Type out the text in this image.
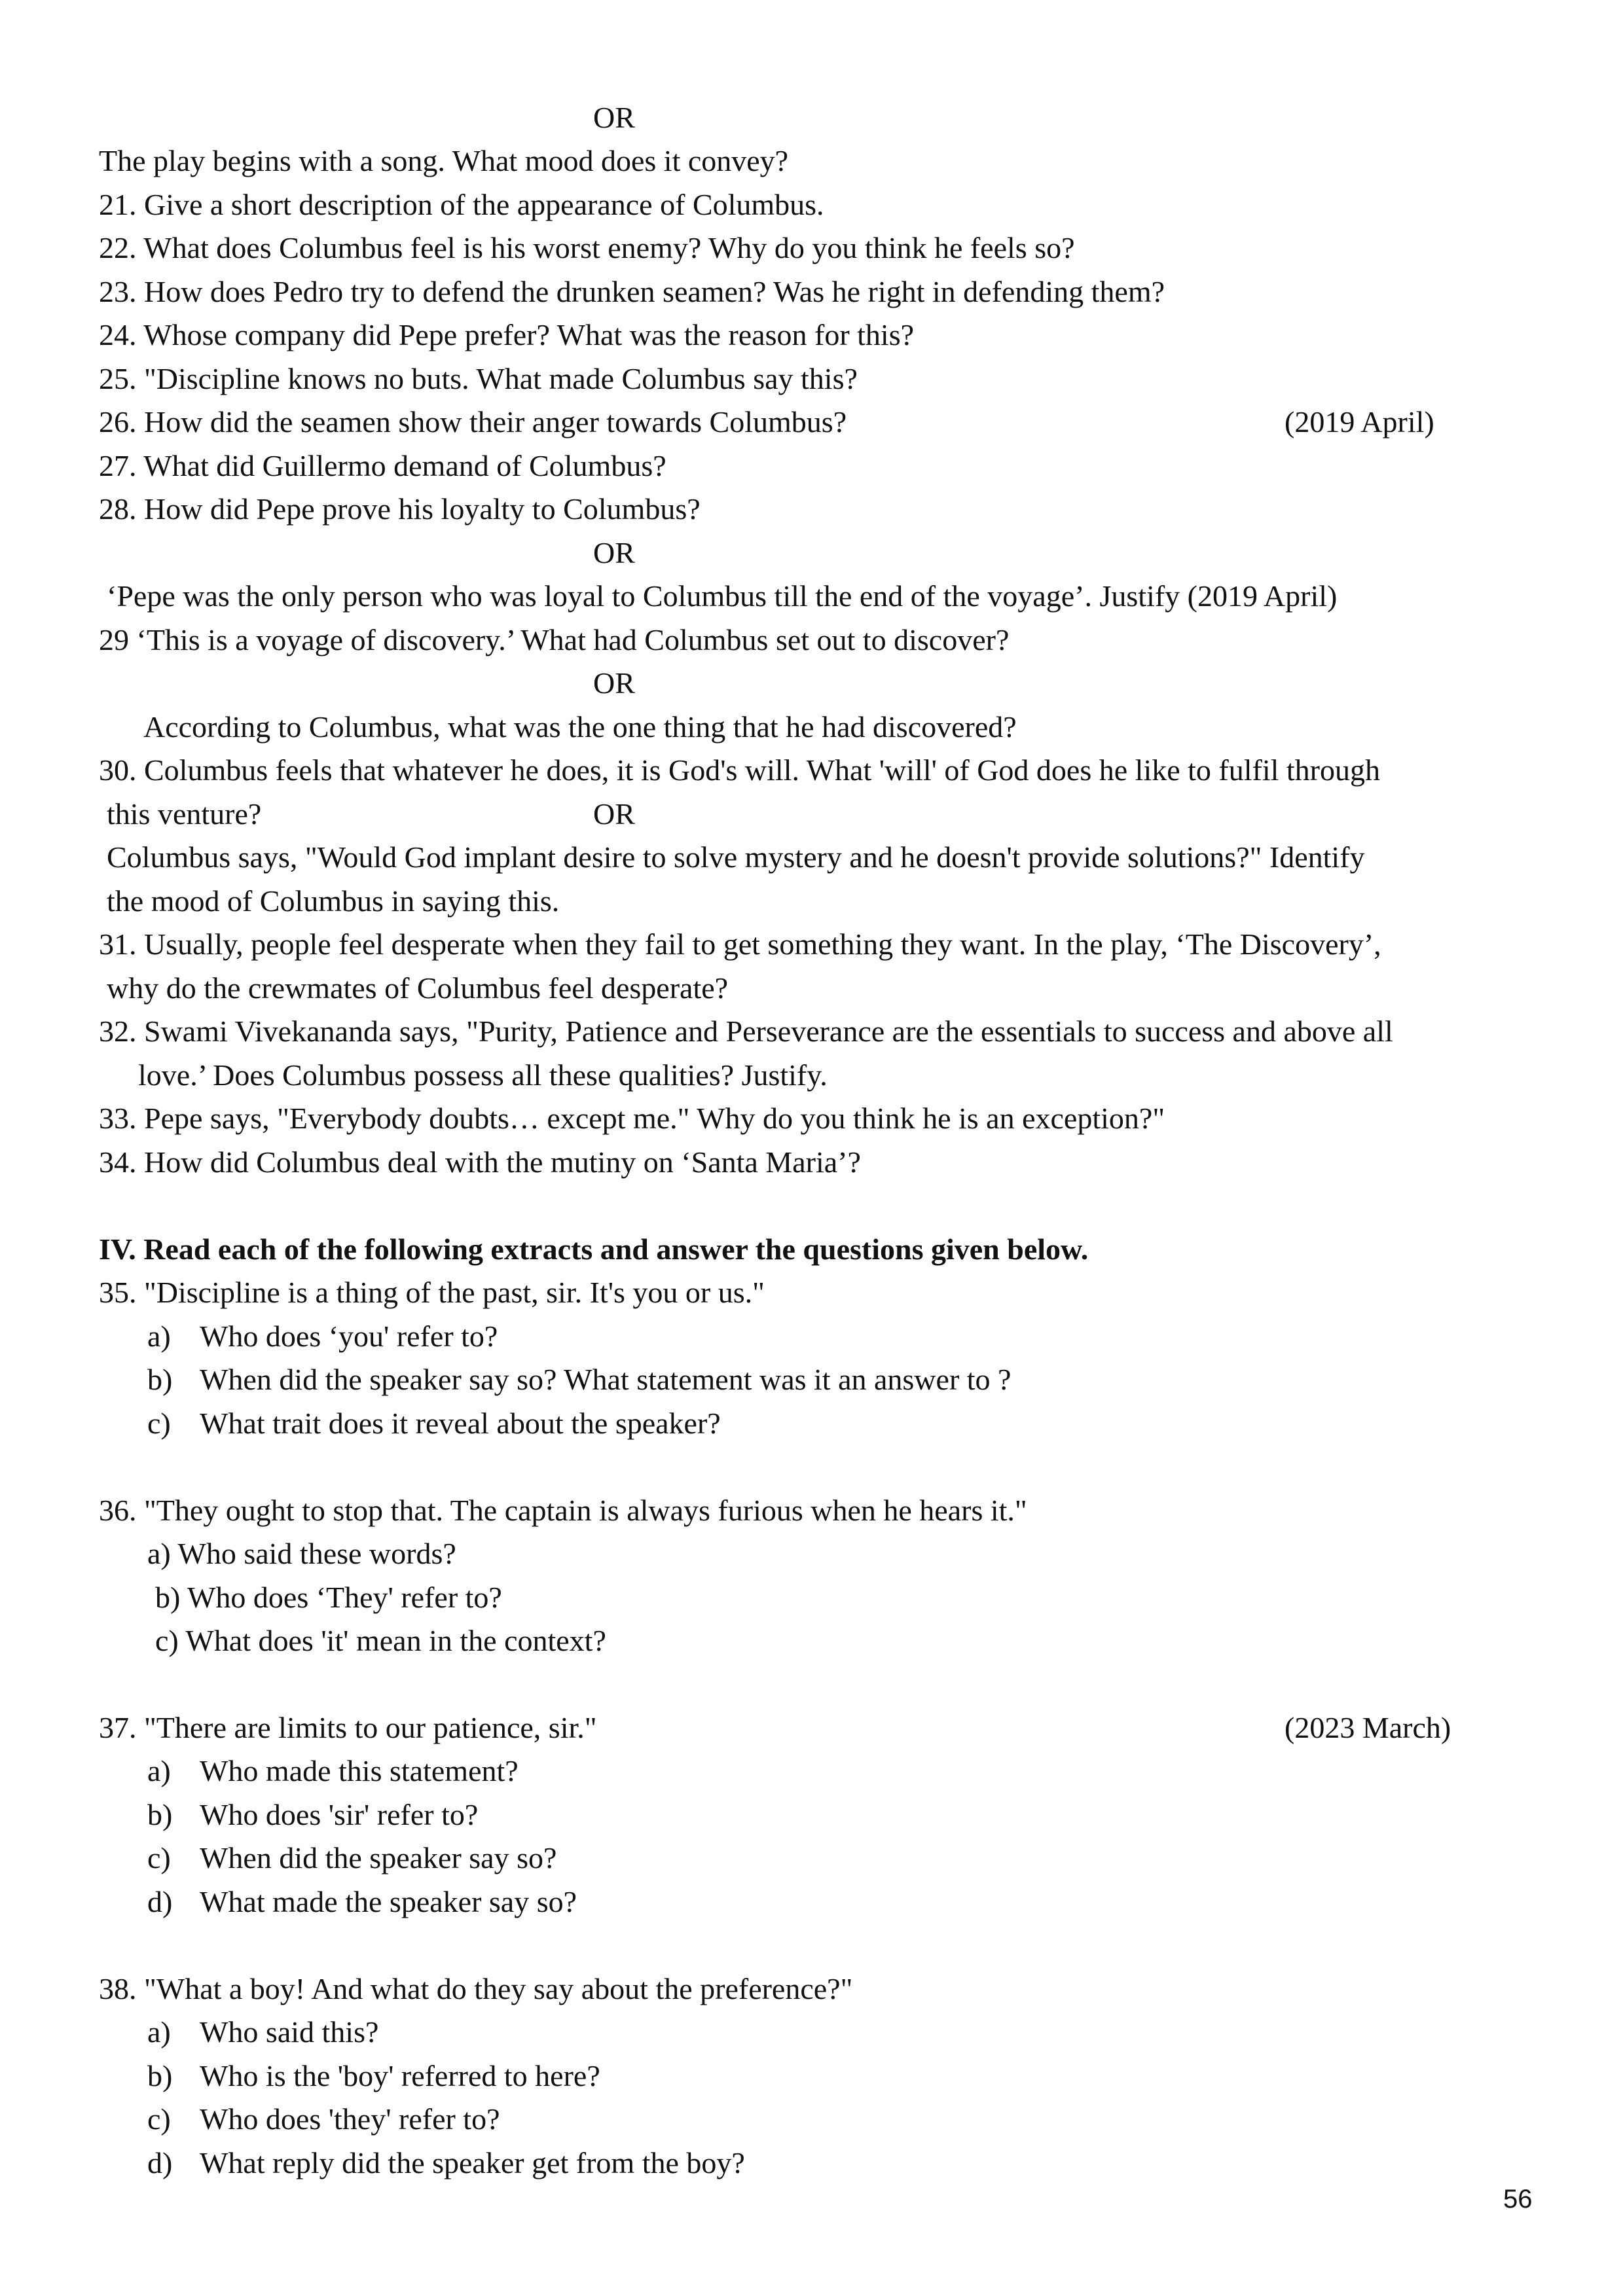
OR
The play begins with a song. What mood does it convey?
21. Give a short description of the appearance of Columbus.
22. What does Columbus feel is his worst enemy? Why do you think he feels so?
23. How does Pedro try to defend the drunken seamen? Was he right in defending them?
24. Whose company did Pepe prefer? What was the reason for this?
25. "Discipline knows no buts. What made Columbus say this?
26. How did the seamen show their anger towards Columbus?	(2019 April)
27. What did Guillermo demand of Columbus?
28. How did Pepe prove his loyalty to Columbus?
OR
‘Pepe was the only person who was loyal to Columbus till the end of the voyage’. Justify (2019 April)
29 ‘This is a voyage of discovery.’ What had Columbus set out to discover?
OR
According to Columbus, what was the one thing that he had discovered?
30. Columbus feels that whatever he does, it is God's will. What 'will' of God does he like to fulfil through
this venture?	OR
Columbus says, "Would God implant desire to solve mystery and he doesn't provide solutions?" Identify
the mood of Columbus in saying this.
31. Usually, people feel desperate when they fail to get something they want. In the play, ‘The Discovery’,
why do the crewmates of Columbus feel desperate?
32. Swami Vivekananda says, "Purity, Patience and Perseverance are the essentials to success and above all
love.’ Does Columbus possess all these qualities? Justify.
33. Pepe says, "Everybody doubts… except me." Why do you think he is an exception?"
34. How did Columbus deal with the mutiny on ‘Santa Maria’?
IV. Read each of the following extracts and answer the questions given below.
35. "Discipline is a thing of the past, sir. It's you or us."
a) Who does ‘you' refer to?
b) When did the speaker say so? What statement was it an answer to ?
c) What trait does it reveal about the speaker?
36. "They ought to stop that. The captain is always furious when he hears it."
a) Who said these words?
b) Who does ‘They' refer to?
c) What does 'it' mean in the context?
37. "There are limits to our patience, sir."	(2023 March)
a) Who made this statement?
b) Who does 'sir' refer to?
c) When did the speaker say so?
d) What made the speaker say so?
38. "What a boy! And what do they say about the preference?"
a) Who said this?
b) Who is the 'boy' referred to here?
c) Who does 'they' refer to?
d) What reply did the speaker get from the boy?
56
